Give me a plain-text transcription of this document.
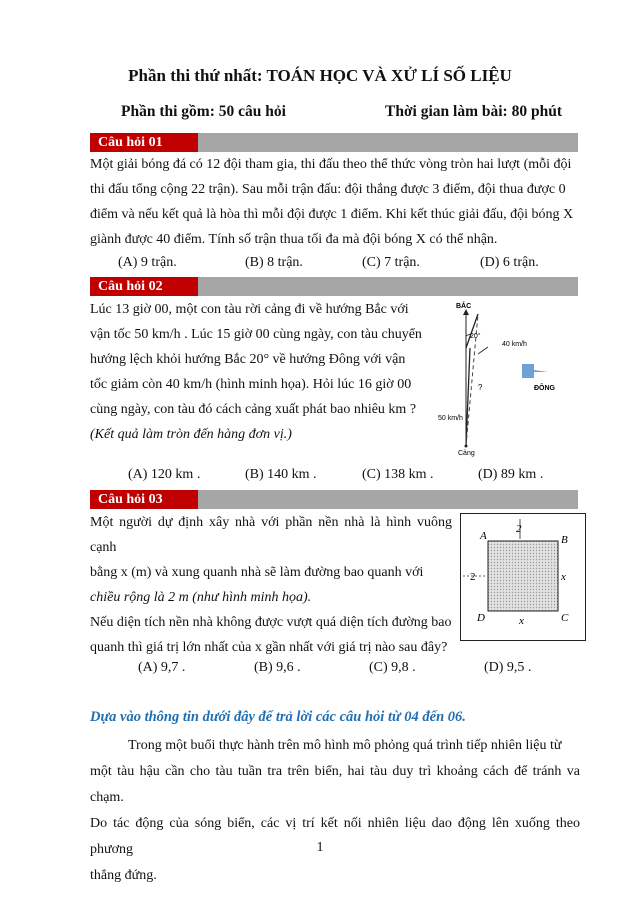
Phần thi thứ nhất: TOÁN HỌC VÀ XỬ LÍ SỐ LIỆU
Phần thi gồm: 50 câu hỏi	Thời gian làm bài: 80 phút
Câu hỏi 01
Một giải bóng đá có 12 đội tham gia, thi đấu theo thể thức vòng tròn hai lượt (mỗi đội
thi đấu tổng cộng 22 trận). Sau mỗi trận đấu: đội thắng được 3 điểm, đội thua được 0
điểm và nếu kết quả là hòa thì mỗi đội được 1 điểm. Khi kết thúc giải đấu, đội bóng X
giành được 40 điểm. Tính số trận thua tối đa mà đội bóng X có thể nhận.
(A) 9 trận.	(B) 8 trận.	(C) 7 trận.	(D) 6 trận.
Câu hỏi 02
Lúc 13 giờ 00, một con tàu rời cảng đi về hướng Bắc với
vận tốc 50 km/h . Lúc 15 giờ 00 cùng ngày, con tàu chuyển
hướng lệch khỏi hướng Bắc 20° về hướng Đông với vận
tốc giảm còn 40 km/h (hình minh họa). Hỏi lúc 16 giờ 00
cùng ngày, con tàu đó cách cảng xuất phát bao nhiêu km ?
(Kết quả làm tròn đến hàng đơn vị.)
BẮC
20°
40 km/h
ĐÔNG
?
50 km/h
Cảng
(A) 120 km .	(B) 140 km .	(C) 138 km .	(D) 89 km .
Câu hỏi 03
Một người dự định xây nhà với phần nền nhà là hình vuông cạnh
bằng x (m) và xung quanh nhà sẽ làm đường bao quanh với
chiều rộng là 2 m (như hình minh họa).
Nếu diện tích nền nhà không được vượt quá diện tích đường bao
quanh thì giá trị lớn nhất của x gần nhất với giá trị nào sau đây?
2
2
A	B
C
D
x
x
(A) 9,7 .	(B) 9,6 .	(C) 9,8 .	(D) 9,5 .
Dựa vào thông tin dưới đây để trả lời các câu hỏi từ 04 đến 06.
Trong một buổi thực hành trên mô hình mô phỏng quá trình tiếp nhiên liệu từ
một tàu hậu cần cho tàu tuần tra trên biển, hai tàu duy trì khoảng cách để tránh va chạm.
Do tác động của sóng biển, các vị trí kết nối nhiên liệu dao động lên xuống theo phương
thẳng đứng.
1
